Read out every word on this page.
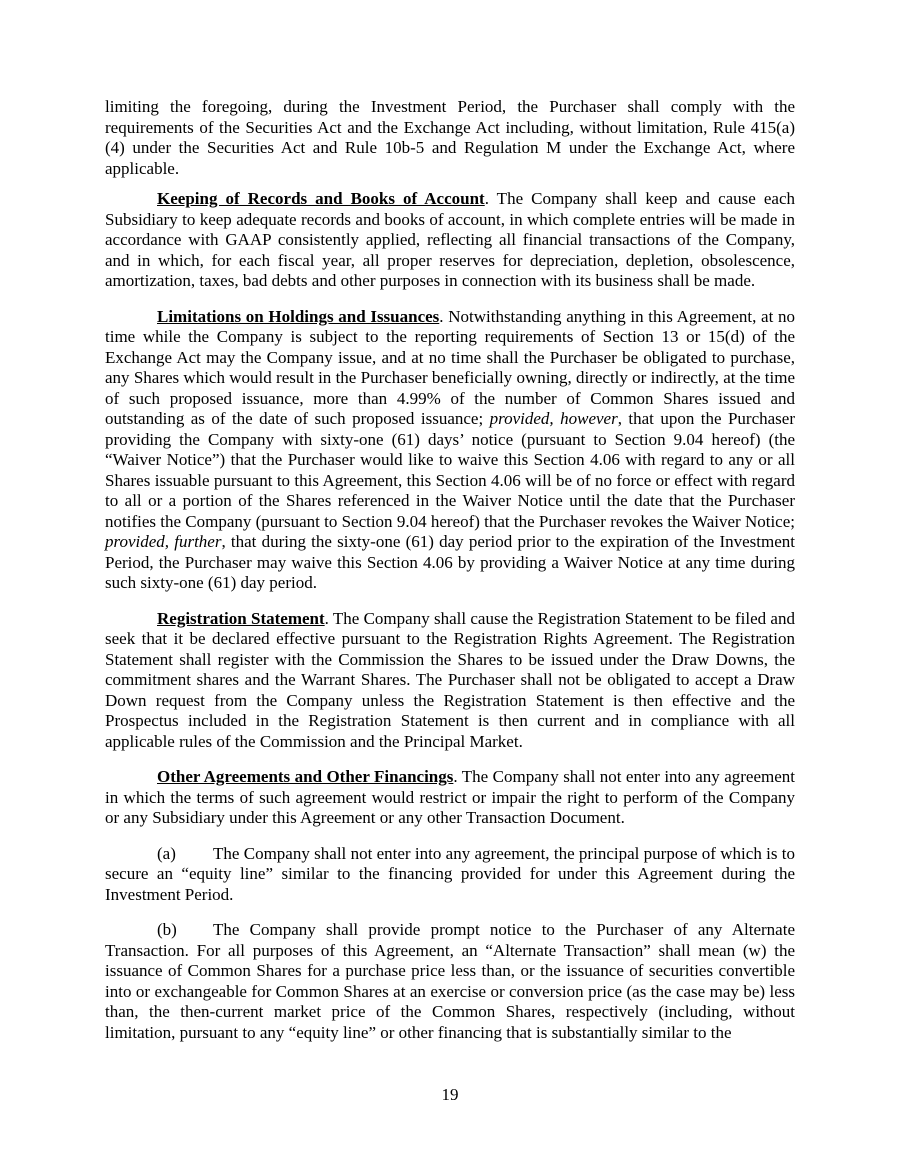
limiting the foregoing, during the Investment Period, the Purchaser shall comply with the requirements of the Securities Act and the Exchange Act including, without limitation, Rule 415(a)(4) under the Securities Act and Rule 10b-5 and Regulation M under the Exchange Act, where applicable.

Keeping of Records and Books of Account. The Company shall keep and cause each Subsidiary to keep adequate records and books of account, in which complete entries will be made in accordance with GAAP consistently applied, reflecting all financial transactions of the Company, and in which, for each fiscal year, all proper reserves for depreciation, depletion, obsolescence, amortization, taxes, bad debts and other purposes in connection with its business shall be made.

Limitations on Holdings and Issuances. Notwithstanding anything in this Agreement, at no time while the Company is subject to the reporting requirements of Section 13 or 15(d) of the Exchange Act may the Company issue, and at no time shall the Purchaser be obligated to purchase, any Shares which would result in the Purchaser beneficially owning, directly or indirectly, at the time of such proposed issuance, more than 4.99% of the number of Common Shares issued and outstanding as of the date of such proposed issuance; provided, however, that upon the Purchaser providing the Company with sixty-one (61) days’ notice (pursuant to Section 9.04 hereof) (the “Waiver Notice”) that the Purchaser would like to waive this Section 4.06 with regard to any or all Shares issuable pursuant to this Agreement, this Section 4.06 will be of no force or effect with regard to all or a portion of the Shares referenced in the Waiver Notice until the date that the Purchaser notifies the Company (pursuant to Section 9.04 hereof) that the Purchaser revokes the Waiver Notice; provided, further, that during the sixty-one (61) day period prior to the expiration of the Investment Period, the Purchaser may waive this Section 4.06 by providing a Waiver Notice at any time during such sixty-one (61) day period.

Registration Statement. The Company shall cause the Registration Statement to be filed and seek that it be declared effective pursuant to the Registration Rights Agreement. The Registration Statement shall register with the Commission the Shares to be issued under the Draw Downs, the commitment shares and the Warrant Shares. The Purchaser shall not be obligated to accept a Draw Down request from the Company unless the Registration Statement is then effective and the Prospectus included in the Registration Statement is then current and in compliance with all applicable rules of the Commission and the Principal Market.

Other Agreements and Other Financings. The Company shall not enter into any agreement in which the terms of such agreement would restrict or impair the right to perform of the Company or any Subsidiary under this Agreement or any other Transaction Document.

(a) The Company shall not enter into any agreement, the principal purpose of which is to secure an “equity line” similar to the financing provided for under this Agreement during the Investment Period.

(b) The Company shall provide prompt notice to the Purchaser of any Alternate Transaction. For all purposes of this Agreement, an “Alternate Transaction” shall mean (w) the issuance of Common Shares for a purchase price less than, or the issuance of securities convertible into or exchangeable for Common Shares at an exercise or conversion price (as the case may be) less than, the then-current market price of the Common Shares, respectively (including, without limitation, pursuant to any “equity line” or other financing that is substantially similar to the

19
